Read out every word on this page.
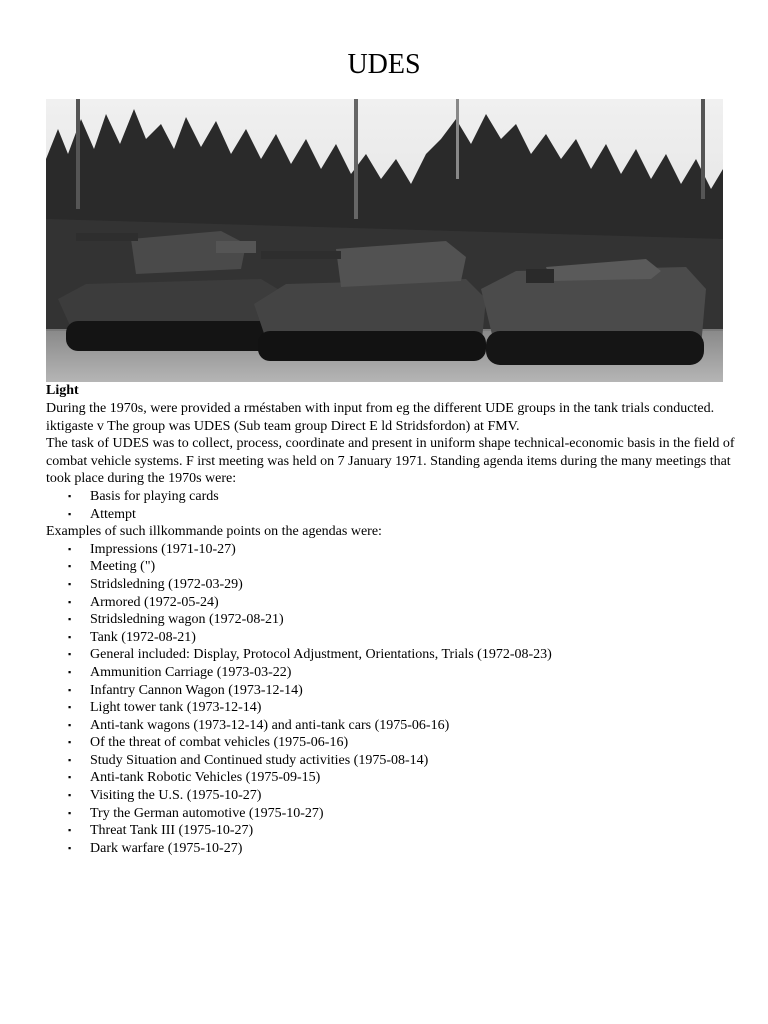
UDES
Light

During the 1970s, were provided a rméstaben with input from eg the different UDE groups in the tank trials conducted. iktigaste v The group was UDES (Sub team group Direct E ld Stridsfordon) at FMV.

The task of UDES was to collect, process, coordinate and present in uniform shape technical-economic basis in the field of combat vehicle systems. F irst meeting was held on 7 January 1971. Standing agenda items during the many meetings that took place during the 1970s were:

▪ Basis for playing cards
▪ Attempt

Examples of such illkommande points on the agendas were:

▪ Impressions (1971-10-27)
▪ Meeting (")
▪ Stridsledning (1972-03-29)
▪ Armored (1972-05-24)
▪ Stridsledning wagon (1972-08-21)
▪ Tank (1972-08-21)
▪ General included: Display, Protocol Adjustment, Orientations, Trials (1972-08-23)
▪ Ammunition Carriage (1973-03-22)
▪ Infantry Cannon Wagon (1973-12-14)
▪ Light tower tank (1973-12-14)
▪ Anti-tank wagons (1973-12-14) and anti-tank cars (1975-06-16)
▪ Of the threat of combat vehicles (1975-06-16)
▪ Study Situation and Continued study activities (1975-08-14)
▪ Anti-tank Robotic Vehicles (1975-09-15)
▪ Visiting the U.S. (1975-10-27)
▪ Try the German automotive (1975-10-27)
▪ Threat Tank III (1975-10-27)
▪ Dark warfare (1975-10-27)
